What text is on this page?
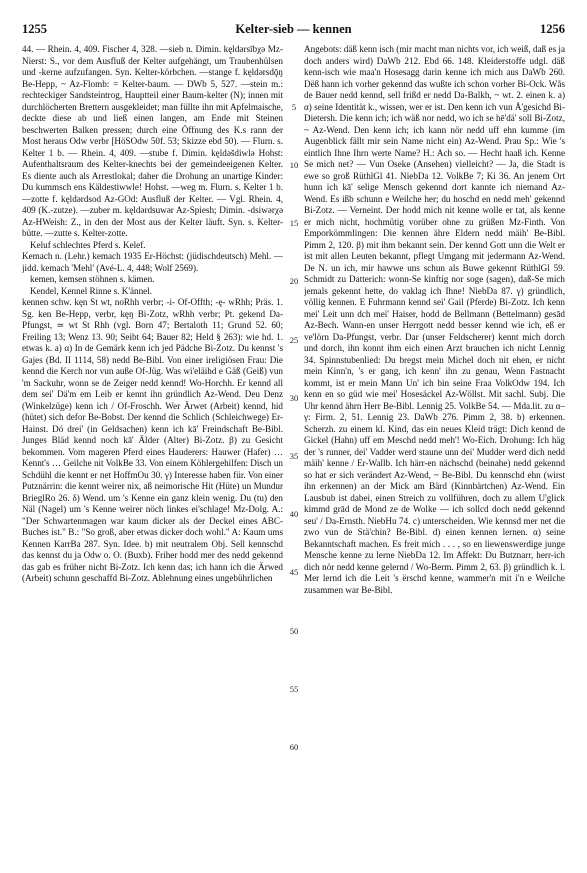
1255	Kelter-sieb — kennen	1256

44. — Rhein. 4, 409. Fischer 4, 328. —sieb n. Dimin. kęldәrsībχə Mz-Nierst: S., vor dem Ausfluß der Kelter aufgehängt, um Traubenhülsen und -kerne aufzufangen. Syn. Kelter-körbchen. —stange f. kęldәrsdǭŋ Be-Hepp, ~ Az-Flomb: = Kelter-baum. — DWb 5, 527. —stein m.: rechteckiger Sandsteintrog, Hauptteil einer Baum-kelter (N); innen mit durchlöcherten Brettern ausgekleidet; man füllte ihn mit Apfelmaische, deckte diese ab und ließ einen langen, am Ende mit Steinen beschwerten Balken pressen; durch eine Öffnung des K.s rann der Most heraus Odw verbr [HöSOdw 50f. 53; Skizze ebd 50). — Flurn. s. Kelter 1 b. — Rhein. 4, 409. —stube f. Dimin. kęldәšdiwlə Hohst: Aufenthaltsraum des Kelter-knechts bei der gemeindeeigenen Kelter. Es diente auch als Arrestlokal; daher die Drohung an unartige Kinder: Du kummsch ens Käldestiwwle! Hohst. —weg m. Flurn. s. Kelter 1 b. —zotte f. kęldәrdsod Az-GOd: Ausfluß der Kelter. — Vgl. Rhein. 4, 409 (K.-zutze). —zuber m. kęldәrdsuwәr Az-Spiesh; Dimin. -dsiwәrχə Az-HWeish: Z., in den der Most aus der Kelter läuft. Syn. s. Kelter-bütte. —zutte s. Kelter-zotte.

Keluf schlechtes Pferd s. Kelef.

Kemach n. (Lehr.) kemach 1935 Er-Höchst: (jüdischdeutsch) Mehl. — jidd. kemach 'Mehl' (Avé-L. 4, 448; Wolf 2569).

kemen, kemsen stöhnen s. kämen.

Kendel, Kennel Rinne s. K'ännel.

kennen schw. kęn St wt, noRhh verbr; -i- Of-Offth; -ę- wRhh; Präs. 1. Sg. ken Be-Hepp, verbr, kęŋ Bi-Zotz, wRhh verbr; Pt. gekend Da-Pfungst, ≃ wt St Rhh (vgl. Born 47; Bertaloth 11; Grund 52. 60; Freiling 13; Wenz 13. 90; Seibt 64; Bauer 82; Held § 263): wie hd. 1. etwas k. a) α) In de Gemärk kenn ich jed Pädche Bi-Zotz. Du kennst 's Gajes (Bd. II 1114, 58) nedd Be-Bibl. Von einer ireligiösen Frau: Die kennd die Kerch nor vun auße Of-Jüg. Was wi'eläihd e Gäß (Geiß) vun 'm Sackuhr, wonn se de Zeiger nedd kennd! Wo-Horchh. Er kennd all dem sei' Dä'm em Leib er kennt ihn gründlich Az-Wend. Deu Denz (Winkelzüge) kenn ich / Of-Froschh. Wer Ärwet (Arbeit) kennd, hid (hütet) sich defor Be-Bobst. Der kennd die Schlich (Schleichwege) Er-Hainst. Dó drei' (in Geldsachen) kenn ich kā' Freindschaft Be-Bibl. Junges Bläd kennd noch kā' Älder (Alter) Bi-Zotz. β) zu Gesicht bekommen. Vom mageren Pferd eines Hauderers: Hauwer (Hafer) … Kennt's … Geilche nit VolkBe 33. Von einem Köhlergehilfen: Disch un Schdühl die kennt er net HoffmOu 30. γ) Interesse haben für. Von einer Putznärrin: die kennt weirer nix, aß neimorische Hit (Hüte) un Mundur BrieglRo 26. δ) Wend. um 's Kenne ein ganz klein wenig. Du (tu) den Näl (Nagel) um 's Kenne weirer nöch linkes ei'schlage! Mz-Dolg. A.: "Der Schwartenmagen war kaum dicker als der Deckel eines ABC-Buches ist." B.: "So groß, aber etwas dicker doch wohl." A: Kaum ums Kennen KarrBa 287. Syn. Idee. b) mit neutralem Obj. Sell kennschd das kennst du ja Odw o. O. (Buxb). Friher hodd mer des nedd gekennd das gab es früher nicht Bi-Zotz. Ich kenn das; ich hann ich die Ärwed (Arbeit) schunn geschaffd Bi-Zotz. Ablehnung eines ungebührlichen

5
10
15
20
25
30
35
40
45
50
55
60

Angebots: däß kenn isch (mir macht man nichts vor, ich weiß, daß es ja doch anders wird) DaWb 212. Ebd 66. 148. Kleiderstoffe udgl. däß kenn-isch wie maa'n Hosesagg darin kenne ich mich aus DaWb 260. Dëß hann ich vorher gekennd das wußte ich schon vorher Bi-Ock. Wås de Bauer nedd kennd, sell frißd er nedd Da-Balkh, ~ wt. 2. einen k. a) α) seine Identität k., wissen, wer er ist. Den kenn ich vun Å'gesichd Bi-Dietersh. Die kenn ich; ich wäß nor nedd, wo ich se hē'dä' soll Bi-Zotz, ~ Az-Wend. Den kenn ich; ich kann nör nedd uff ehn kumme (im Augenblick fällt mir sein Name nicht ein) Az-Wend. Prau Sp.: Wie 's eintlich Ihne Ihrn werte Name? H.: Ach so. — Hecht haaß ich. Kenne Se mich net? — Vun Oseke (Ansehen) vielleicht? — Ja, die Stadt is ewe so groß RüthlGl 41. NiebDa 12. VolkBe 7; Ki 36. An jenem Ort hunn ich kā' selige Mensch gekennd dort kannte ich niemand Az-Wend. Es ißb schunn e Weilche her; du hoschd en nedd meh' gekennd Bi-Zotz. — Verneint. Der hodd mich nit kenne wolle er tat, als kenne er mich nicht, hochmütig vorüber ohne zu grüßen Mz-Finth. Von Emporkömmlingen: Die kennen ähre Eldern nedd mäih' Be-Bibl. Pimm 2, 120. β) mit ihm bekannt sein. Der kennd Gott unn die Welt er ist mit allen Leuten bekannt, pflegt Umgang mit jedermann Az-Wend. De N. un ich, mir hawwe uns schun als Buwe gekennt RüthlGl 59. Schmidt zu Datterich: wonn-Se kinftig nor soge (sagen), daß-Se mich jemals gekennt hette, do vaklag ich Ihne! NiebDa 87. γ) gründlich, völlig kennen. E Fuhrmann kennd sei' Gail (Pferde) Bi-Zotz. Ich kenn mei' Leit unn dch mei' Haiser, hodd de Bellmann (Bettelmann) gesād Az-Bech. Wann-en unser Herrgott nedd besser kennd wie ich, eß er ve'lörn Da-Pfungst, verbr. Dar (unser Feldscherer) kennt mich dorch und dorch, ihn konnt ihm eich einen Arzt brauchen ich nicht Lennig 34. Spinnstubenlied: Du bregst mein Michel doch nit ehen, er nicht mein Kinn'n, 's er gang, ich kenn' ihn zu genau, Wenn Fastnacht kommt, ist er mein Mann Un' ich bin seine Fraa VolkOdw 194. Ich kenn en so güd wie mei' Hosesäckel Az-Wöllst. Mit sachl. Subj. Die Uhr kennd ährn Herr Be-Bibl. Lennig 25. VolkBe 54. — Mda.lit. zu α–γ: Firm. 2, 51. Lennig 23. DaWb 276. Pimm 2, 38. b) erkennen. Scherzh. zu einem kl. Kind, das ein neues Kleid trägt: Dich kennd de Gickel (Hahn) uff em Meschd nedd meh'! Wo-Eich. Drohung: Ich häg der 's runner, dei' Vadder werd staune unn dei' Mudder werd dich nedd mäih' kenne / Er-Wallb. Ich härr-en nächschd (beinahe) nedd gekennd so hat er sich verändert Az-Wend, ~ Be-Bibl. Du kennschd ehn (wirst ihn erkennen) an der Mick am Bärd (Kinnbärtchen) Az-Wend. Ein Lausbub ist dabei, einen Streich zu vollführen, doch zu allem U'glick kimmd grād de Mond ze de Wolke — ich sollcd doch nedd gekennd seu' / Da-Ernsth. NiebHu 74. c) unterscheiden. Wie kennsd mer net die zwo vun de Stä'chin? Be-Bibl. d) einen kennen lernen. α) seine Bekanntschaft machen. Es freit mich . . . , so en liewenswerdige junge Mensche kenne zu lerne NiebDa 12. Im Affekt: Du Butznarr, herr-ich dich nör nedd kenne gelernd / Wo-Berm. Pimm 2, 63. β) gründlich k. l. Mer lernd ich die Leit 's ërschd kenne, wammer'n mit i'n e Weilche zusammen war Be-Bibl.
